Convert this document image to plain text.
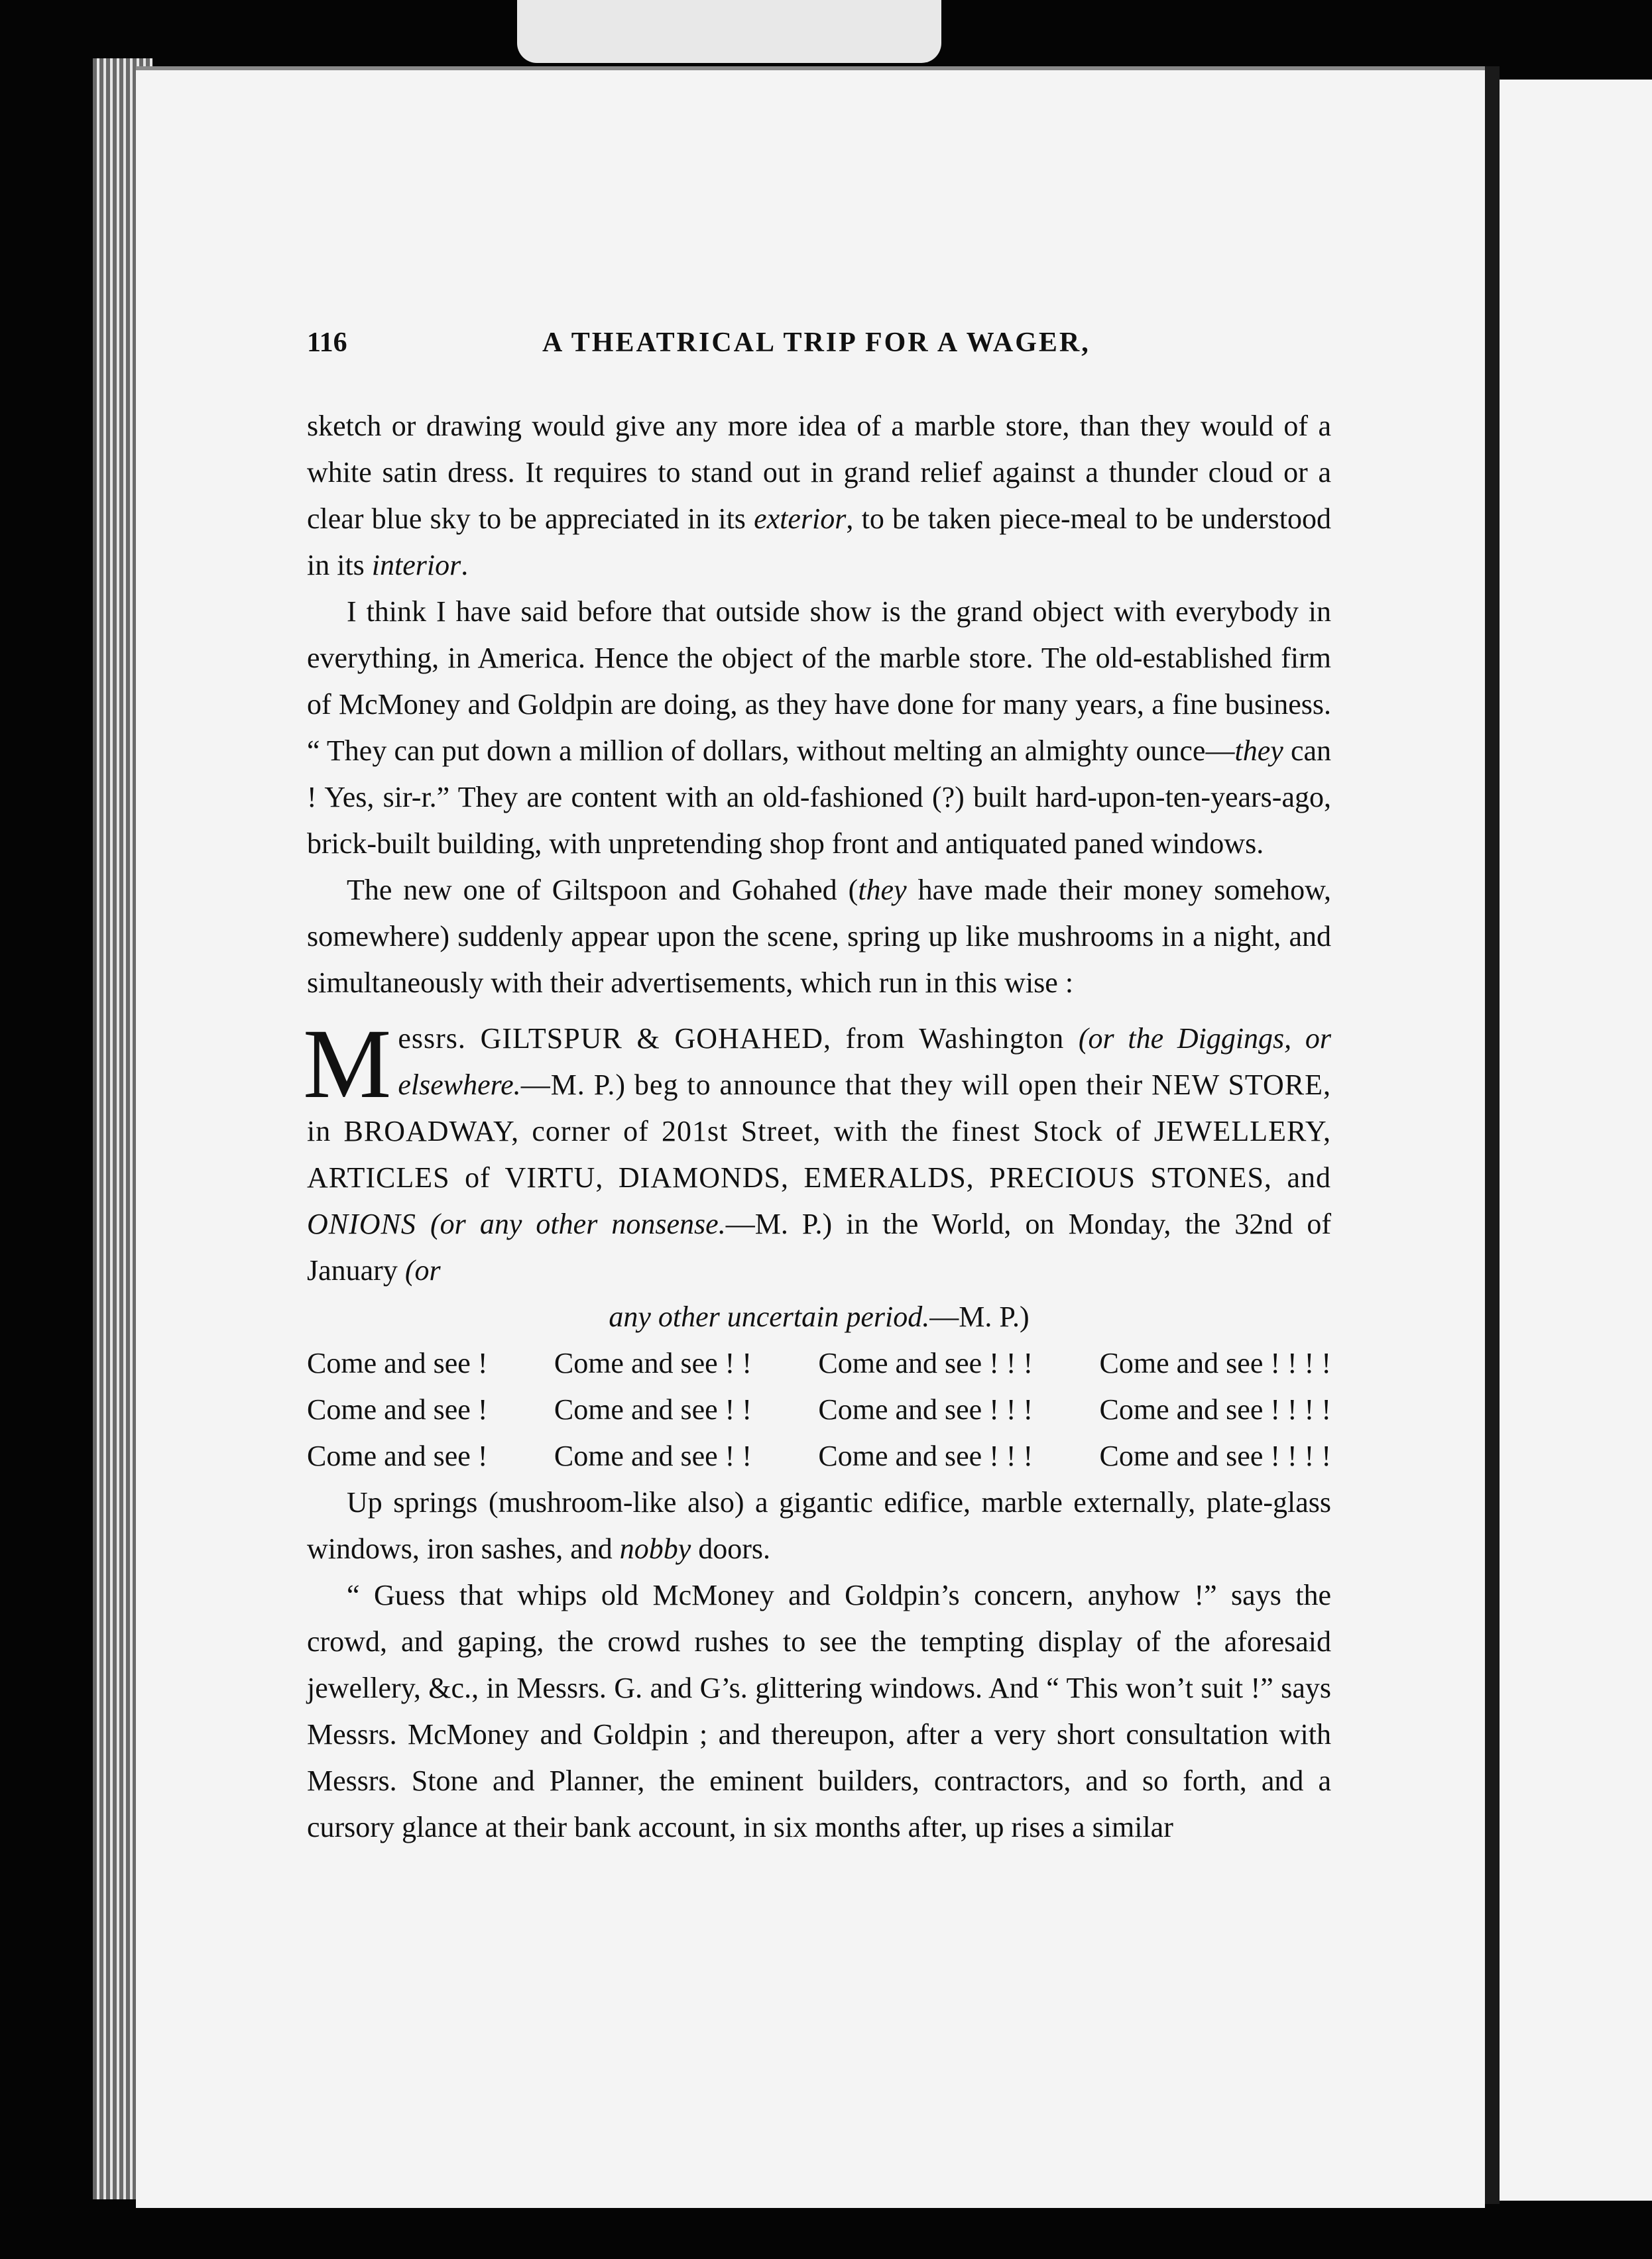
116	A THEATRICAL TRIP FOR A WAGER,

sketch or drawing would give any more idea of a marble store, than they would of a white satin dress. It requires to stand out in grand relief against a thunder cloud or a clear blue sky to be appreciated in its exterior, to be taken piece-meal to be understood in its interior.

I think I have said before that outside show is the grand object with everybody in everything, in America. Hence the object of the marble store. The old-established firm of McMoney and Goldpin are doing, as they have done for many years, a fine business. “ They can put down a million of dollars, without melting an almighty ounce—they can ! Yes, sir-r.” They are content with an old-fashioned (?) built hard-upon-ten-years-ago, brick-built building, with unpretending shop front and antiquated paned windows.

The new one of Giltspoon and Gohahed (they have made their money somehow, somewhere) suddenly appear upon the scene, spring up like mushrooms in a night, and simultaneously with their advertisements, which run in this wise :

M essrs. GILTSPUR & GOHAHED, from Washington (or the Diggings, or elsewhere.—M. P.) beg to announce that they will open their NEW STORE, in BROADWAY, corner of 201st Street, with the finest Stock of JEWELLERY, ARTICLES of VIRTU, DIAMONDS, EMERALDS, PRECIOUS STONES, and ONIONS (or any other nonsense.—M. P.) in the World, on Monday, the 32nd of January (or

any other uncertain period.—M. P.)

Come and see ! Come and see ! ! Come and see ! ! ! Come and see ! ! ! !

Come and see ! Come and see ! ! Come and see ! ! ! Come and see ! ! ! !

Come and see ! Come and see ! ! Come and see ! ! ! Come and see ! ! ! !

Up springs (mushroom-like also) a gigantic edifice, marble externally, plate-glass windows, iron sashes, and nobby doors.

“ Guess that whips old McMoney and Goldpin’s concern, anyhow !” says the crowd, and gaping, the crowd rushes to see the tempting display of the aforesaid jewellery, &c., in Messrs. G. and G’s. glittering windows. And “ This won’t suit !” says Messrs. McMoney and Goldpin ; and thereupon, after a very short consultation with Messrs. Stone and Planner, the eminent builders, contractors, and so forth, and a cursory glance at their bank account, in six months after, up rises a similar
